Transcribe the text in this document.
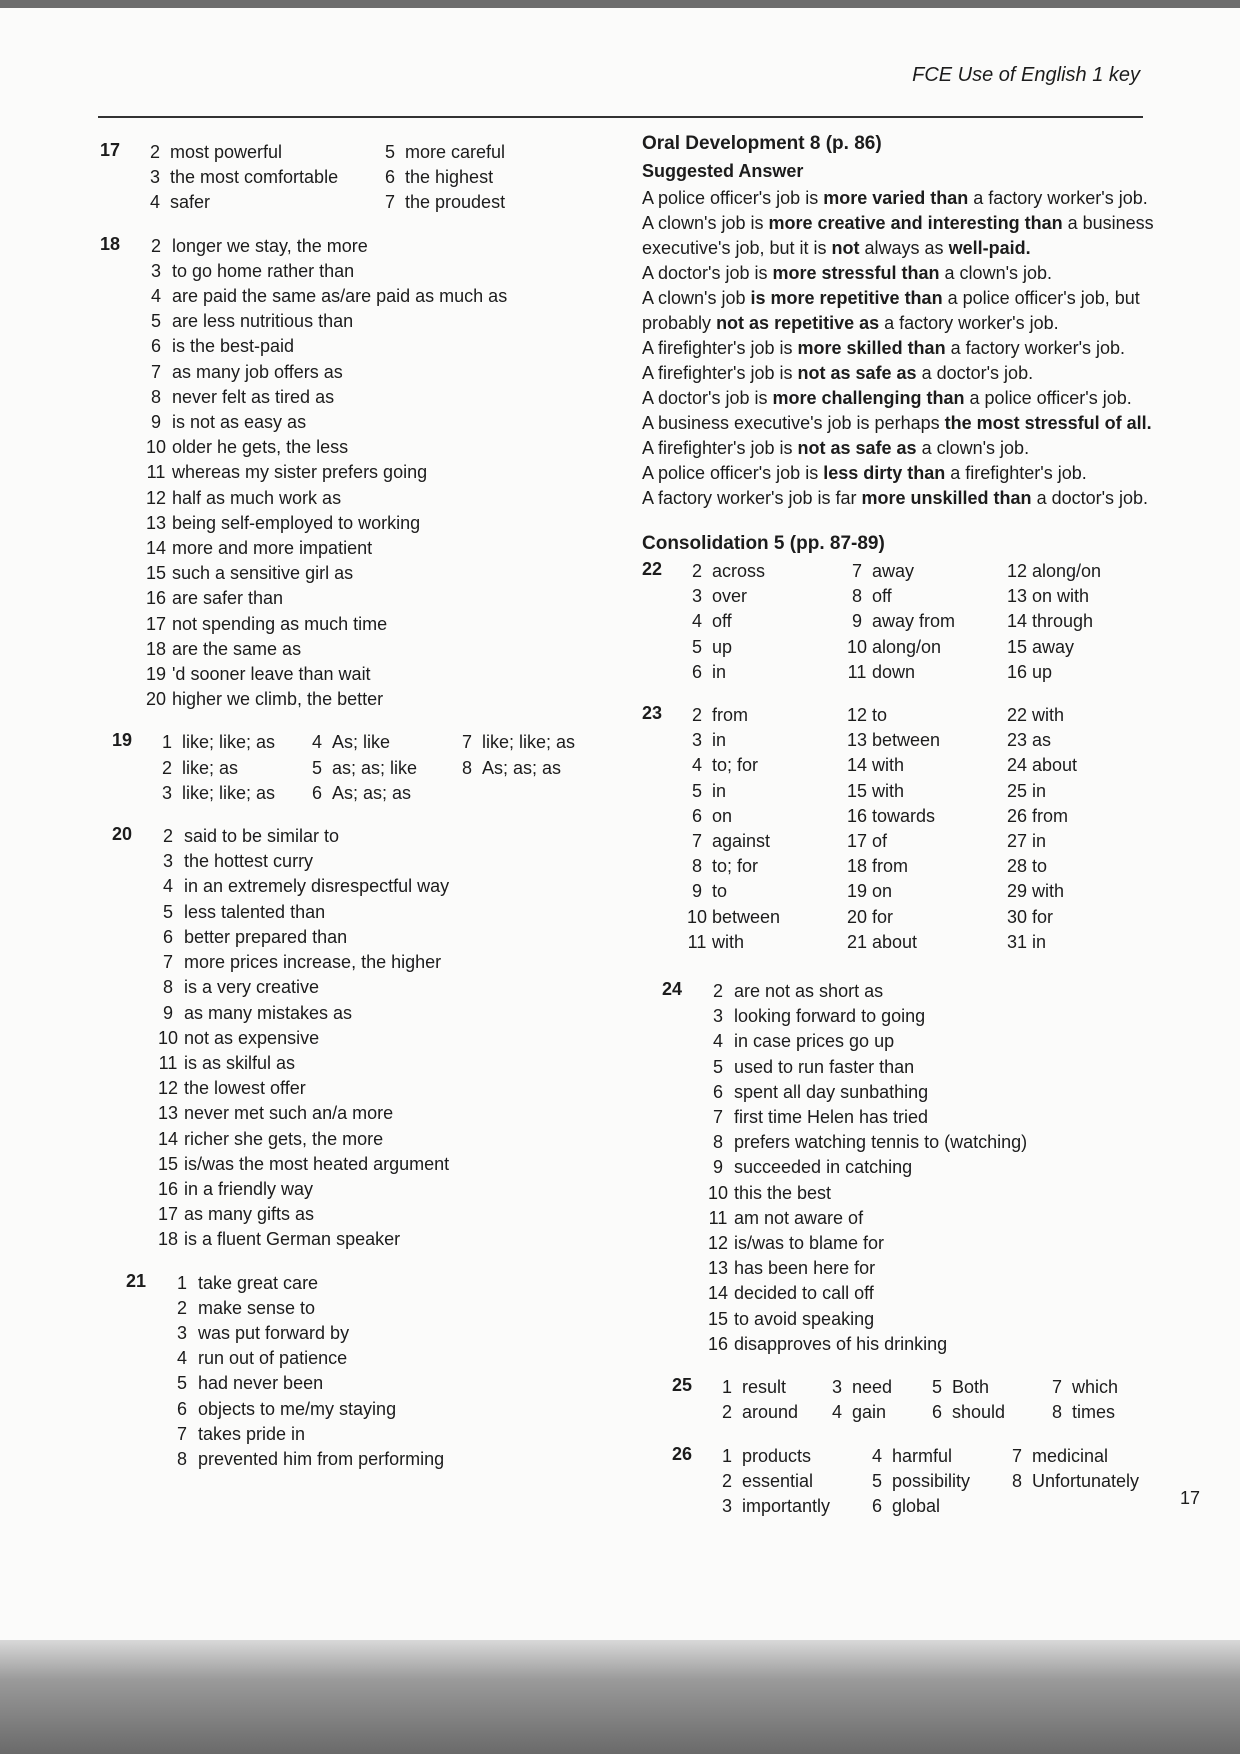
FCE Use of English 1 key
17	2 most powerful	5 more careful
3 the most comfortable	6 the highest
4 safer	7 the proudest
18	2 longer we stay, the more
3 to go home rather than
4 are paid the same as/are paid as much as
5 are less nutritious than
6 is the best-paid
7 as many job offers as
8 never felt as tired as
9 is not as easy as
10 older he gets, the less
11 whereas my sister prefers going
12 half as much work as
13 being self-employed to working
14 more and more impatient
15 such a sensitive girl as
16 are safer than
17 not spending as much time
18 are the same as
19 'd sooner leave than wait
20 higher we climb, the better
19	1 like; like; as	4 As; like	7 like; like; as
2 like; as	5 as; as; like	8 As; as; as
3 like; like; as	6 As; as; as
20	2 said to be similar to
3 the hottest curry
4 in an extremely disrespectful way
5 less talented than
6 better prepared than
7 more prices increase, the higher
8 is a very creative
9 as many mistakes as
10 not as expensive
11 is as skilful as
12 the lowest offer
13 never met such an/a more
14 richer she gets, the more
15 is/was the most heated argument
16 in a friendly way
17 as many gifts as
18 is a fluent German speaker
21	1 take great care
2 make sense to
3 was put forward by
4 run out of patience
5 had never been
6 objects to me/my staying
7 takes pride in
8 prevented him from performing
Oral Development 8 (p. 86)
Suggested Answer

A police officer's job is more varied than a factory worker's job.

A clown's job is more creative and interesting than a business executive's job, but it is not always as well-paid.

A doctor's job is more stressful than a clown's job.

A clown's job is more repetitive than a police officer's job, but probably not as repetitive as a factory worker's job.

A firefighter's job is more skilled than a factory worker's job.

A firefighter's job is not as safe as a doctor's job.

A doctor's job is more challenging than a police officer's job.

A business executive's job is perhaps the most stressful of all.

A firefighter's job is not as safe as a clown's job.

A police officer's job is less dirty than a firefighter's job.

A factory worker's job is far more unskilled than a doctor's job.

Consolidation 5 (pp. 87-89)
22	2 across	7 away	12 along/on
3 over	8 off	13 on with
4 off	9 away from	14 through
5 up	10 along/on	15 away
6 in	11 down	16 up
23	2 from	12 to	22 with
3 in	13 between	23 as
4 to; for	14 with	24 about
5 in	15 with	25 in
6 on	16 towards	26 from
7 against	17 of	27 in
8 to; for	18 from	28 to
9 to	19 on	29 with
10 between	20 for	30 for
11 with	21 about	31 in
24	2 are not as short as
3 looking forward to going
4 in case prices go up
5 used to run faster than
6 spent all day sunbathing
7 first time Helen has tried
8 prefers watching tennis to (watching)
9 succeeded in catching
10 this the best
11 am not aware of
12 is/was to blame for
13 has been here for
14 decided to call off
15 to avoid speaking
16 disapproves of his drinking
25	1 result	3 need	5 Both	7 which
2 around	4 gain	6 should	8 times
26	1 products	4 harmful	7 medicinal
2 essential	5 possibility	8 Unfortunately
3 importantly	6 global	17
